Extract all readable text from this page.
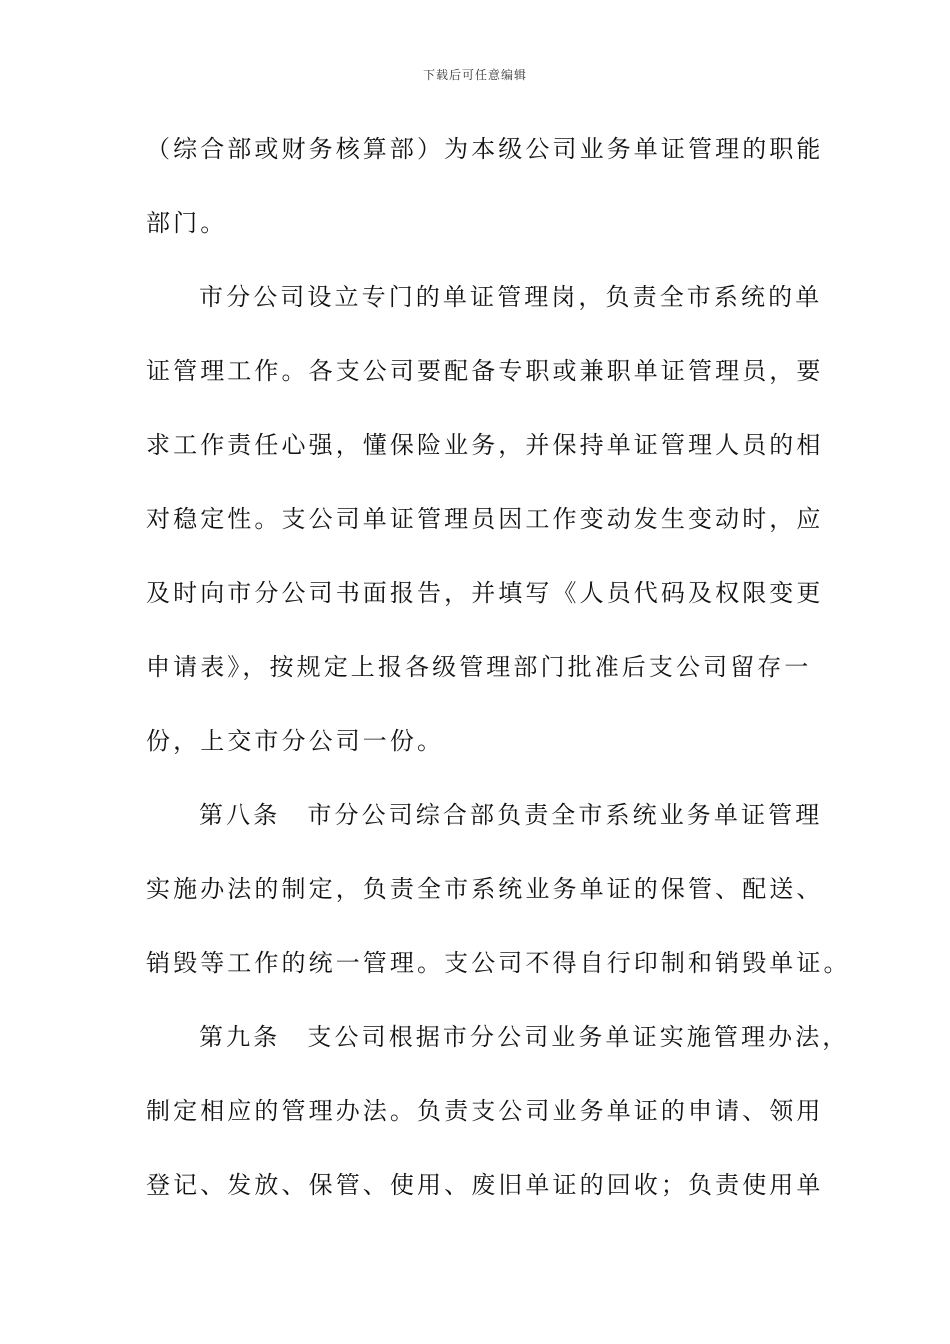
下载后可任意编辑
（综合部或财务核算部）为本级公司业务单证管理的职能
部门。
市分公司设立专门的单证管理岗，负责全市系统的单
证管理工作。各支公司要配备专职或兼职单证管理员，要
求工作责任心强，懂保险业务，并保持单证管理人员的相
对稳定性。支公司单证管理员因工作变动发生变动时，应
及时向市分公司书面报告，并填写《人员代码及权限变更
申请表》，按规定上报各级管理部门批准后支公司留存一
份，上交市分公司一份。
第八条　市分公司综合部负责全市系统业务单证管理
实施办法的制定，负责全市系统业务单证的保管、配送、
销毁等工作的统一管理。支公司不得自行印制和销毁单证。
第九条　支公司根据市分公司业务单证实施管理办法，
制定相应的管理办法。负责支公司业务单证的申请、领用
登记、发放、保管、使用、废旧单证的回收；负责使用单
